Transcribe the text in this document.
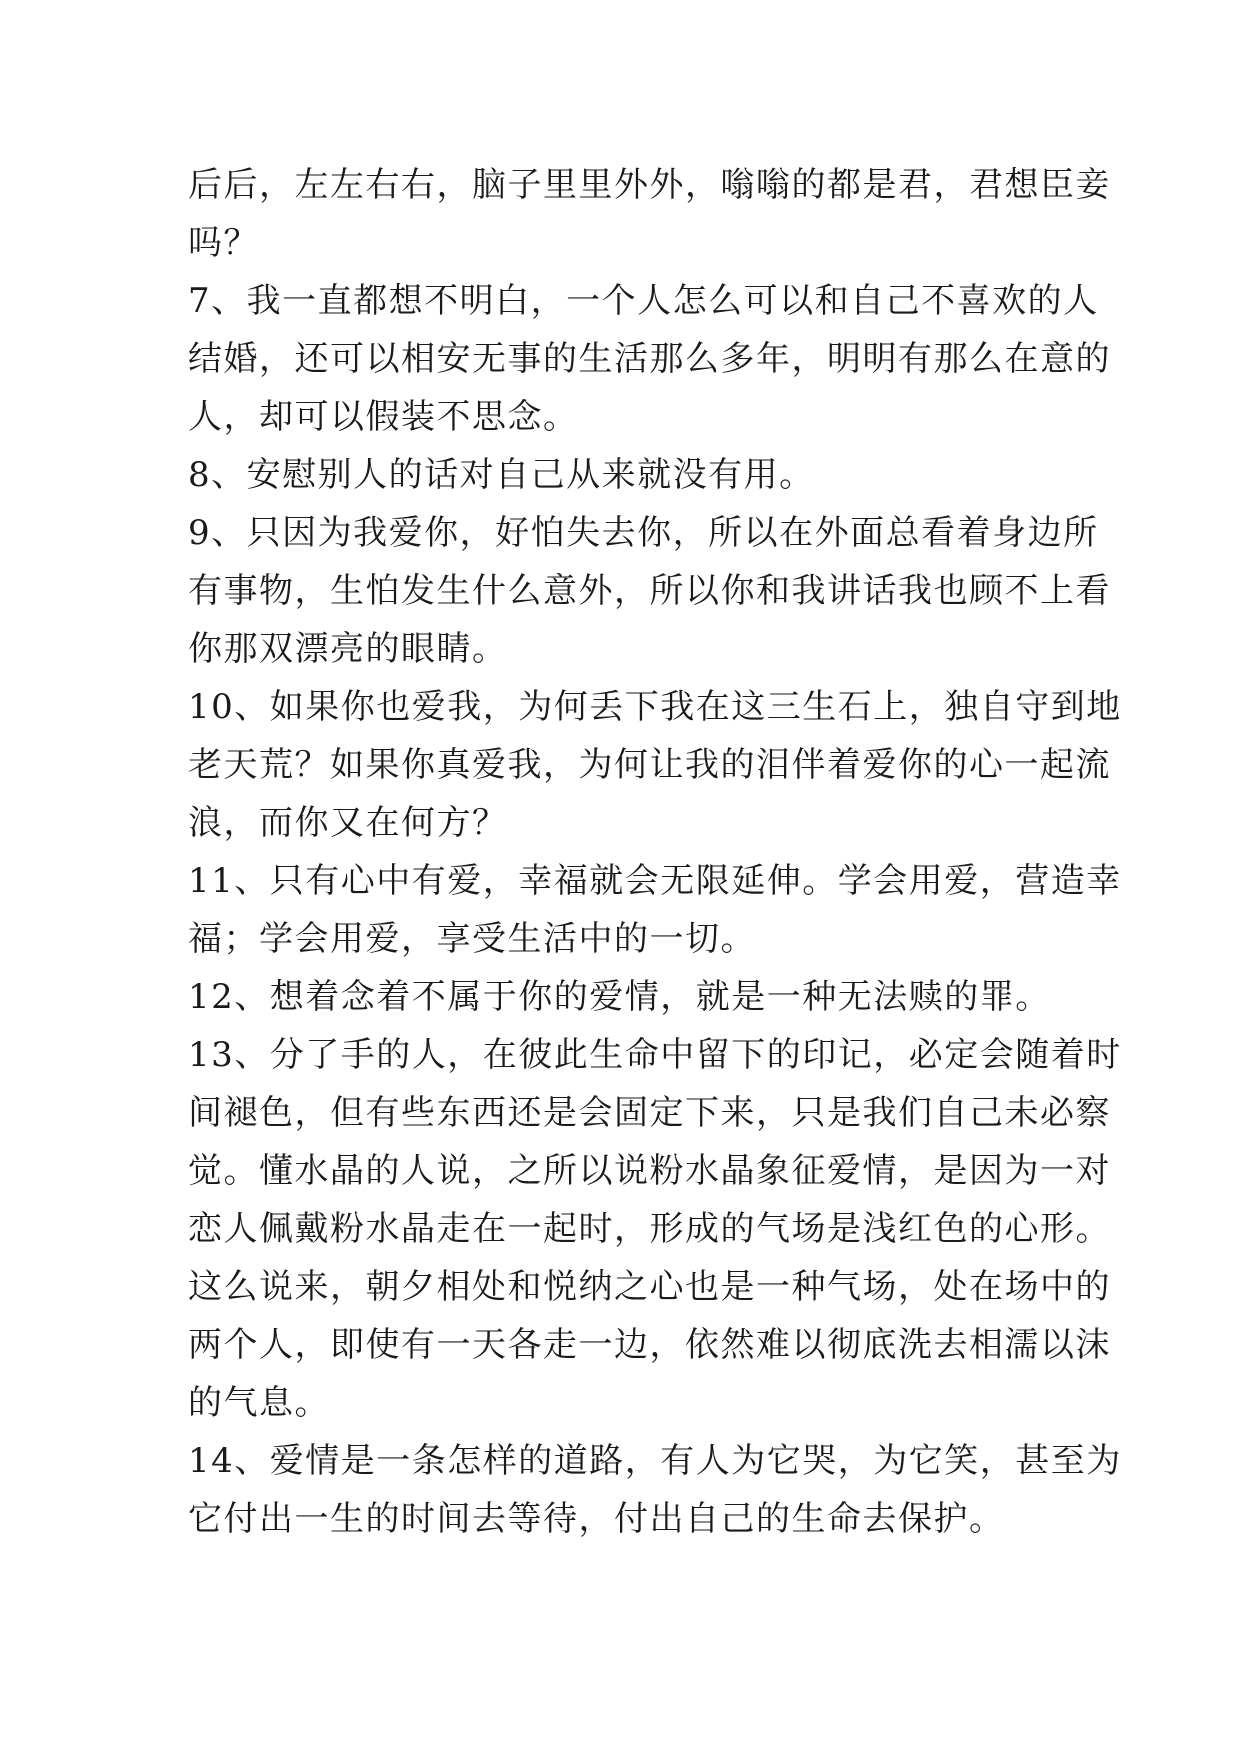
后后，左左右右，脑子里里外外，嗡嗡的都是君，君想臣妾
吗？
7、我一直都想不明白，一个人怎么可以和自己不喜欢的人
结婚，还可以相安无事的生活那么多年，明明有那么在意的
人，却可以假装不思念。
8、安慰别人的话对自己从来就没有用。
9、只因为我爱你，好怕失去你，所以在外面总看着身边所
有事物，生怕发生什么意外，所以你和我讲话我也顾不上看
你那双漂亮的眼睛。
10、如果你也爱我，为何丢下我在这三生石上，独自守到地
老天荒？如果你真爱我，为何让我的泪伴着爱你的心一起流
浪，而你又在何方？
11、只有心中有爱，幸福就会无限延伸。学会用爱，营造幸
福；学会用爱，享受生活中的一切。
12、想着念着不属于你的爱情，就是一种无法赎的罪。
13、分了手的人，在彼此生命中留下的印记，必定会随着时
间褪色，但有些东西还是会固定下来，只是我们自己未必察
觉。懂水晶的人说，之所以说粉水晶象征爱情，是因为一对
恋人佩戴粉水晶走在一起时，形成的气场是浅红色的心形。
这么说来，朝夕相处和悦纳之心也是一种气场，处在场中的
两个人，即使有一天各走一边，依然难以彻底洗去相濡以沫
的气息。
14、爱情是一条怎样的道路，有人为它哭，为它笑，甚至为
它付出一生的时间去等待，付出自己的生命去保护。
